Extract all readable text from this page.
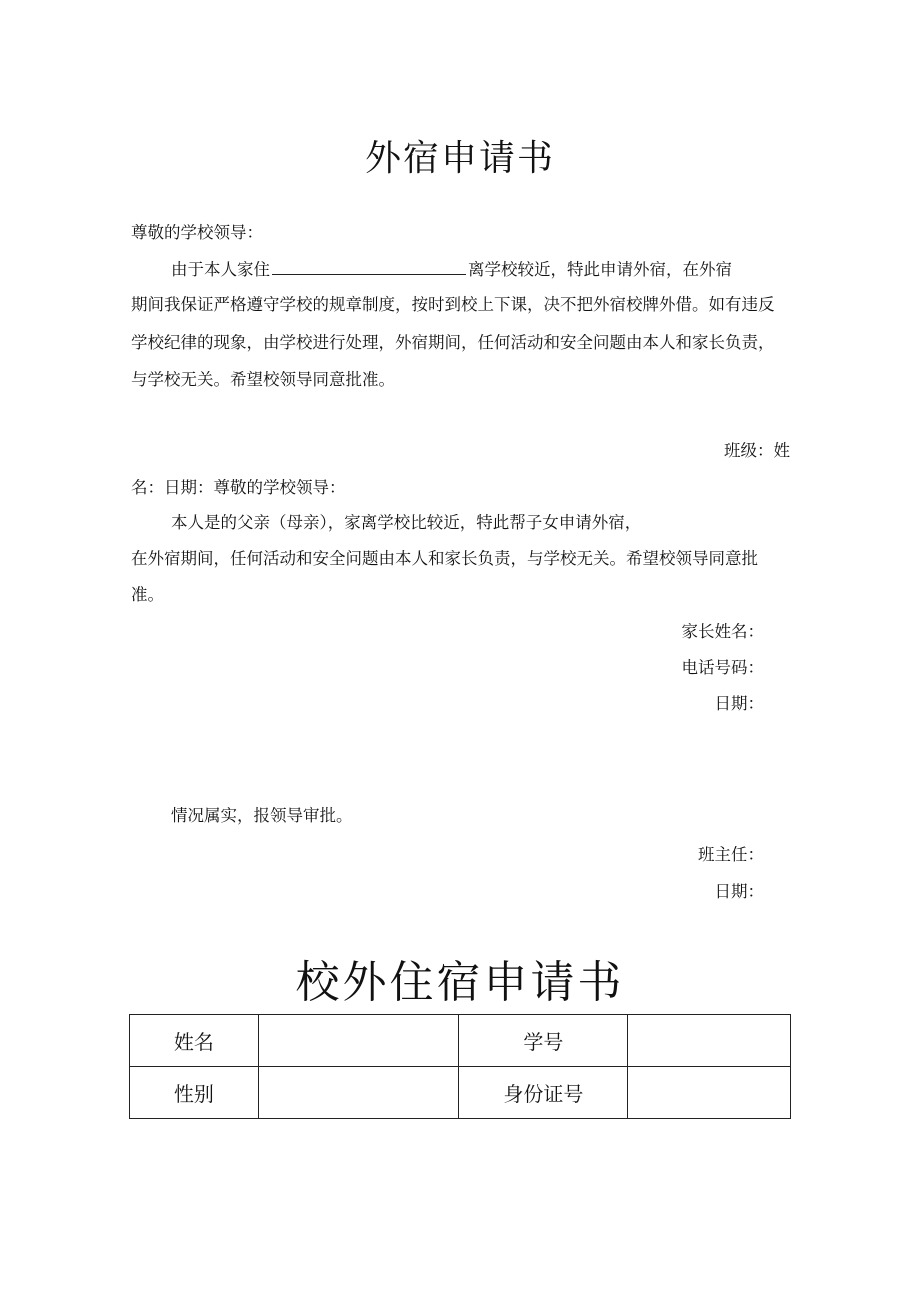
外宿申请书
尊敬的学校领导：
由于本人家住	离学校较近，特此申请外宿，在外宿
期间我保证严格遵守学校的规章制度，按时到校上下课，决不把外宿校牌外借。如有违反
学校纪律的现象，由学校进行处理，外宿期间，任何活动和安全问题由本人和家长负责，
与学校无关。希望校领导同意批准。
班级：姓
名：日期：尊敬的学校领导：
本人是的父亲（母亲），家离学校比较近，特此帮子女申请外宿，
在外宿期间，任何活动和安全问题由本人和家长负责，与学校无关。希望校领导同意批
准。
家长姓名：
电话号码：
日期：
情况属实，报领导审批。
班主任：
日期：
校外住宿申请书
姓名		学号	
性别		身份证号	
